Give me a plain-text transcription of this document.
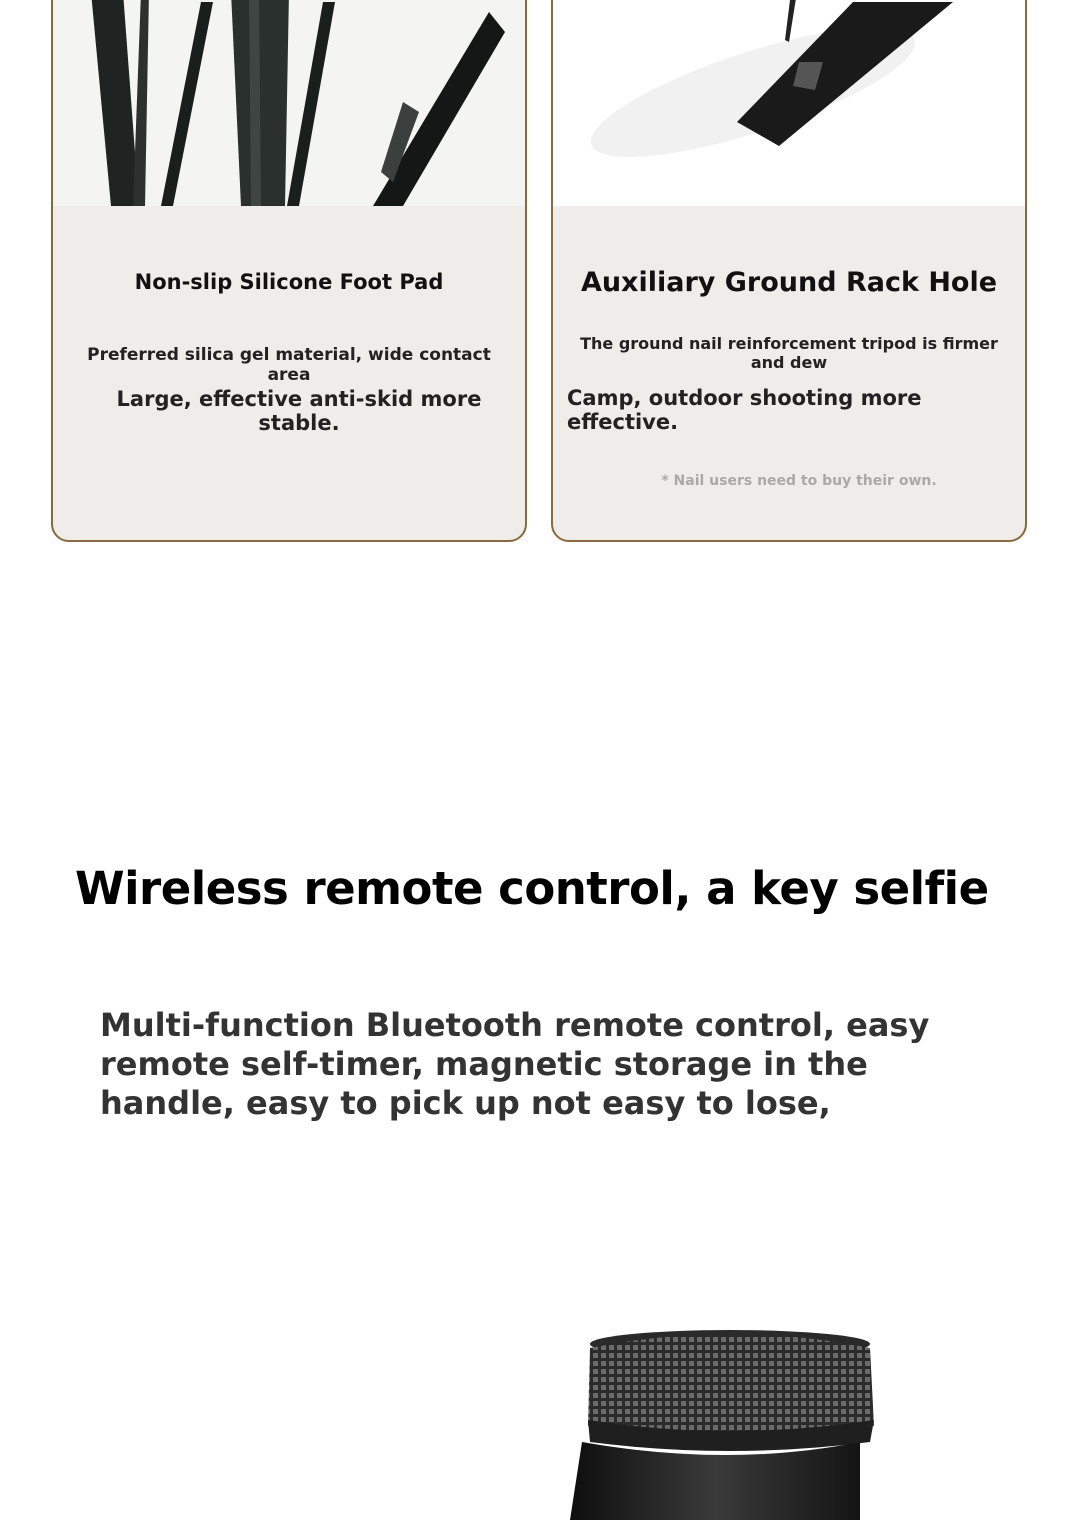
Non-slip Silicone Foot Pad
Preferred silica gel material, wide contact area
Large, effective anti-skid more stable.
Auxiliary Ground Rack Hole
The ground nail reinforcement tripod is firmer and dew
Camp, outdoor shooting more effective.
* Nail users need to buy their own.
Wireless remote control, a key selfie
Multi-function Bluetooth remote control, easy remote self-timer, magnetic storage in the handle, easy to pick up not easy to lose,
